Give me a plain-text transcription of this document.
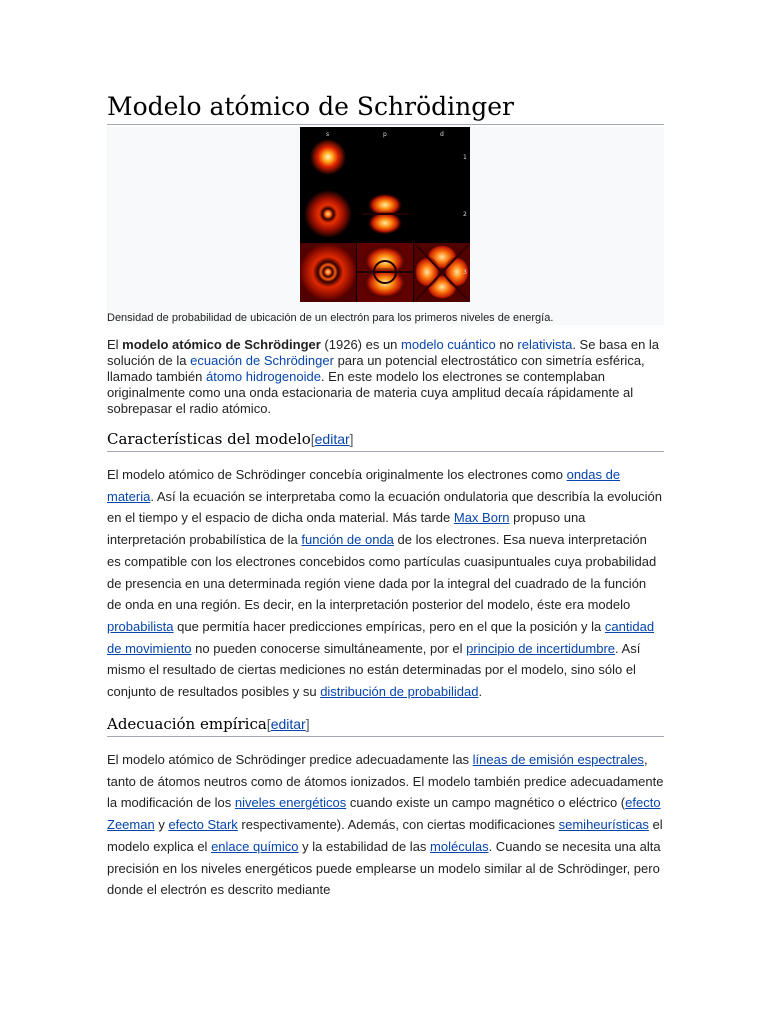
Modelo atómico de Schrödinger
s	p	d
1
2
3
Densidad de probabilidad de ubicación de un electrón para los primeros niveles de energía.

El modelo atómico de Schrödinger (1926) es un modelo cuántico no relativista. Se basa en la solución de la ecuación de Schrödinger para un potencial electrostático con simetría esférica, llamado también átomo hidrogenoide. En este modelo los electrones se contemplaban originalmente como una onda estacionaria de materia cuya amplitud decaía rápidamente al sobrepasar el radio atómico.

Características del modelo[editar]

El modelo atómico de Schrödinger concebía originalmente los electrones como ondas de materia. Así la ecuación se interpretaba como la ecuación ondulatoria que describía la evolución en el tiempo y el espacio de dicha onda material. Más tarde Max Born propuso una interpretación probabilística de la función de onda de los electrones. Esa nueva interpretación es compatible con los electrones concebidos como partículas cuasipuntuales cuya probabilidad de presencia en una determinada región viene dada por la integral del cuadrado de la función de onda en una región. Es decir, en la interpretación posterior del modelo, éste era modelo probabilista que permitía hacer predicciones empíricas, pero en el que la posición y la cantidad de movimiento no pueden conocerse simultáneamente, por el principio de incertidumbre. Así mismo el resultado de ciertas mediciones no están determinadas por el modelo, sino sólo el conjunto de resultados posibles y su distribución de probabilidad.

Adecuación empírica[editar]

El modelo atómico de Schrödinger predice adecuadamente las líneas de emisión espectrales, tanto de átomos neutros como de átomos ionizados. El modelo también predice adecuadamente la modificación de los niveles energéticos cuando existe un campo magnético o eléctrico (efecto Zeeman y efecto Stark respectivamente). Además, con ciertas modificaciones semiheurísticas el modelo explica el enlace químico y la estabilidad de las moléculas. Cuando se necesita una alta precisión en los niveles energéticos puede emplearse un modelo similar al de Schrödinger, pero donde el electrón es descrito mediante
